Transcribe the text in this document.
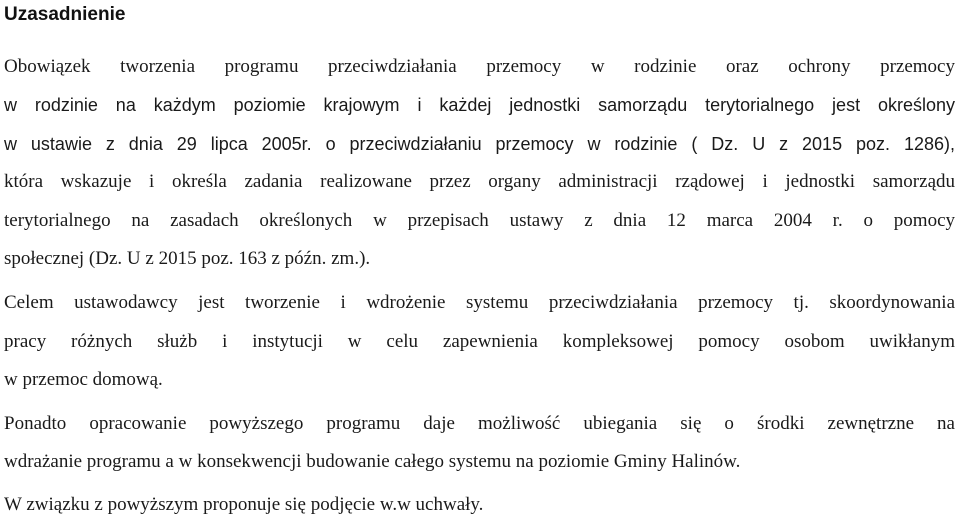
Uzasadnienie

Obowiązek tworzenia programu przeciwdziałania przemocy w rodzinie oraz ochrony przemocy
w rodzinie na każdym poziomie krajowym i każdej jednostki samorządu terytorialnego jest określony
w ustawie z dnia 29 lipca 2005r. o przeciwdziałaniu przemocy w rodzinie ( Dz. U z 2015 poz. 1286),
która wskazuje i określa zadania realizowane przez organy administracji rządowej i jednostki samorządu
terytorialnego na zasadach określonych w przepisach ustawy z dnia 12 marca 2004 r. o pomocy
społecznej (Dz. U z 2015 poz. 163 z późn. zm.).

Celem ustawodawcy jest tworzenie i wdrożenie systemu przeciwdziałania przemocy tj. skoordynowania
pracy różnych służb i instytucji w celu zapewnienia kompleksowej pomocy osobom uwikłanym
w przemoc domową.

Ponadto opracowanie powyższego programu daje możliwość ubiegania się o środki zewnętrzne na
wdrażanie programu a w konsekwencji budowanie całego systemu na poziomie Gminy Halinów.

W związku z powyższym proponuje się podjęcie w.w uchwały.
